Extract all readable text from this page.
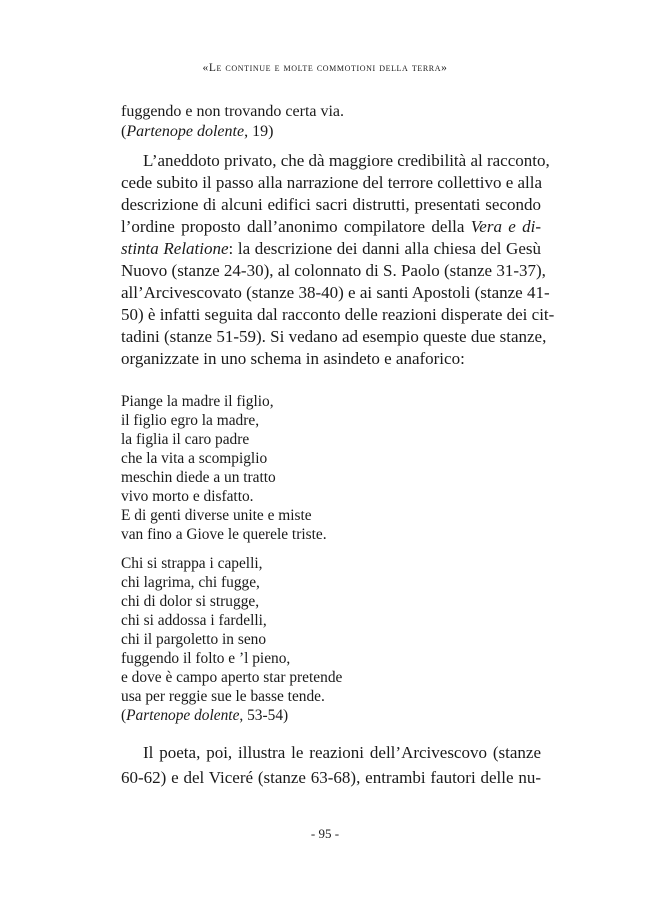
«Le continue e molte commotioni della terra»
fuggendo e non trovando certa via.
(Partenope dolente, 19)
L’aneddoto privato, che dà maggiore credibilità al racconto,
cede subito il passo alla narrazione del terrore collettivo e alla
descrizione di alcuni edifici sacri distrutti, presentati secondo
l’ordine proposto dall’anonimo compilatore della Vera e di-
stinta Relatione: la descrizione dei danni alla chiesa del Gesù
Nuovo (stanze 24-30), al colonnato di S. Paolo (stanze 31-37),
all’Arcivescovato (stanze 38-40) e ai santi Apostoli (stanze 41-
50) è infatti seguita dal racconto delle reazioni disperate dei cit-
tadini (stanze 51-59). Si vedano ad esempio queste due stanze,
organizzate in uno schema in asindeto e anaforico:
Piange la madre il figlio,
il figlio egro la madre,
la figlia il caro padre
che la vita a scompiglio
meschin diede a un tratto
vivo morto e disfatto.
E di genti diverse unite e miste
van fino a Giove le querele triste.
Chi si strappa i capelli,
chi lagrima, chi fugge,
chi di dolor si strugge,
chi si addossa i fardelli,
chi il pargoletto in seno
fuggendo il folto e ’l pieno,
e dove è campo aperto star pretende
usa per reggie sue le basse tende.
(Partenope dolente, 53-54)
Il poeta, poi, illustra le reazioni dell’Arcivescovo (stanze
60-62) e del Viceré (stanze 63-68), entrambi fautori delle nu-
- 95 -
